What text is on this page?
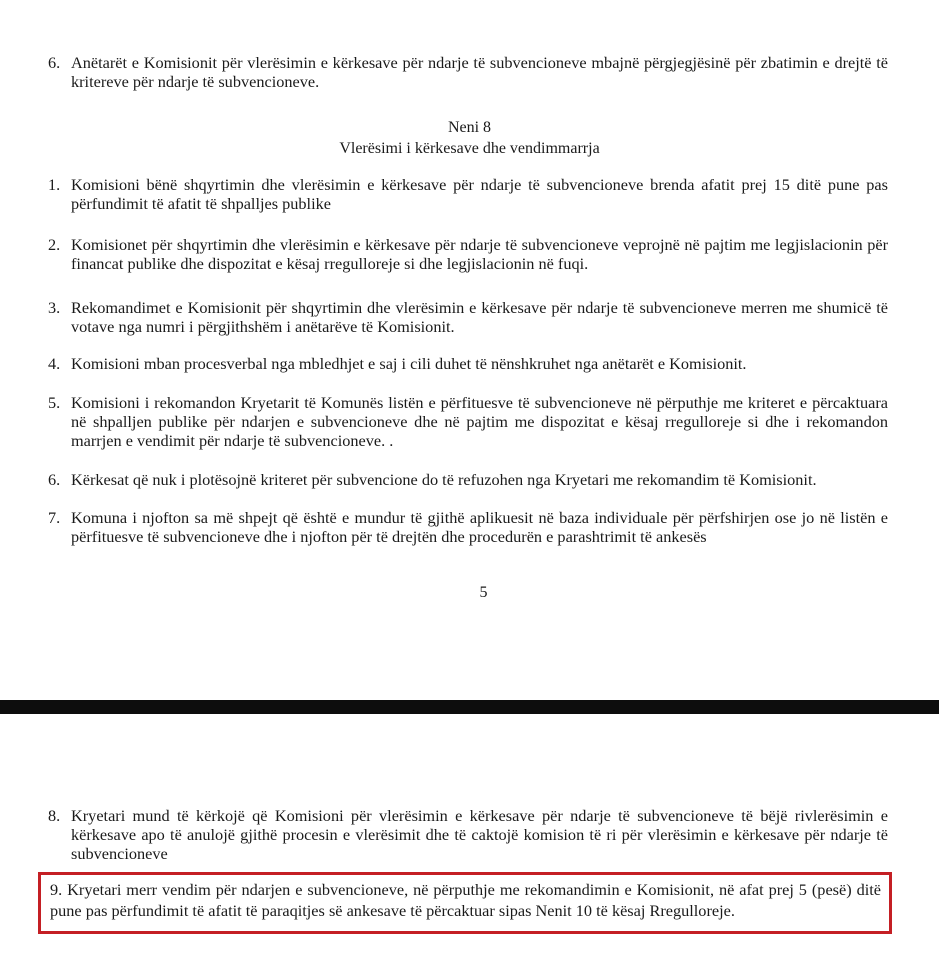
6. Anëtarët e Komisionit për vlerësimin e kërkesave për ndarje të subvencioneve mbajnë përgjegjësinë për zbatimin e drejtë të kritereve për ndarje të subvencioneve.
Neni 8
Vlerësimi i kërkesave dhe vendimmarrja
1. Komisioni bënë shqyrtimin dhe vlerësimin e kërkesave për ndarje të subvencioneve brenda afatit prej 15 ditë pune pas përfundimit të afatit të shpalljes publike
2. Komisionet për shqyrtimin dhe vlerësimin e kërkesave për ndarje të subvencioneve veprojnë në pajtim me legjislacionin për financat publike dhe dispozitat e kësaj rregulloreje si dhe legjislacionin në fuqi.
3. Rekomandimet e Komisionit për shqyrtimin dhe vlerësimin e kërkesave për ndarje të subvencioneve merren me shumicë të votave nga numri i përgjithshëm i anëtarëve të Komisionit.
4. Komisioni mban procesverbal nga mbledhjet e saj i cili duhet të nënshkruhet nga anëtarët e Komisionit.
5. Komisioni i rekomandon Kryetarit të Komunës listën e përfituesve të subvencioneve në përputhje me kriteret e përcaktuara në shpalljen publike për ndarjen e subvencioneve dhe në pajtim me dispozitat e kësaj rregulloreje si dhe i rekomandon marrjen e vendimit për ndarje të subvencioneve. .
6. Kërkesat që nuk i plotësojnë kriteret për subvencione do të refuzohen nga Kryetari me rekomandim të Komisionit.
7. Komuna i njofton sa më shpejt që është e mundur të gjithë aplikuesit në baza individuale për përfshirjen ose jo në listën e përfituesve të subvencioneve dhe i njofton për të drejtën dhe procedurën e parashtrimit të ankesës
5
8. Kryetari mund të kërkojë që Komisioni për vlerësimin e kërkesave për ndarje të subvencioneve të bëjë rivlerësimin e kërkesave apo të anulojë gjithë procesin e vlerësimit dhe të caktojë komision të ri për vlerësimin e kërkesave për ndarje të subvencioneve
9. Kryetari merr vendim për ndarjen e subvencioneve, në përputhje me rekomandimin e Komisionit, në afat prej 5 (pesë) ditë pune pas përfundimit të afatit të paraqitjes së ankesave të përcaktuar sipas Nenit 10 të kësaj Rregulloreje.
